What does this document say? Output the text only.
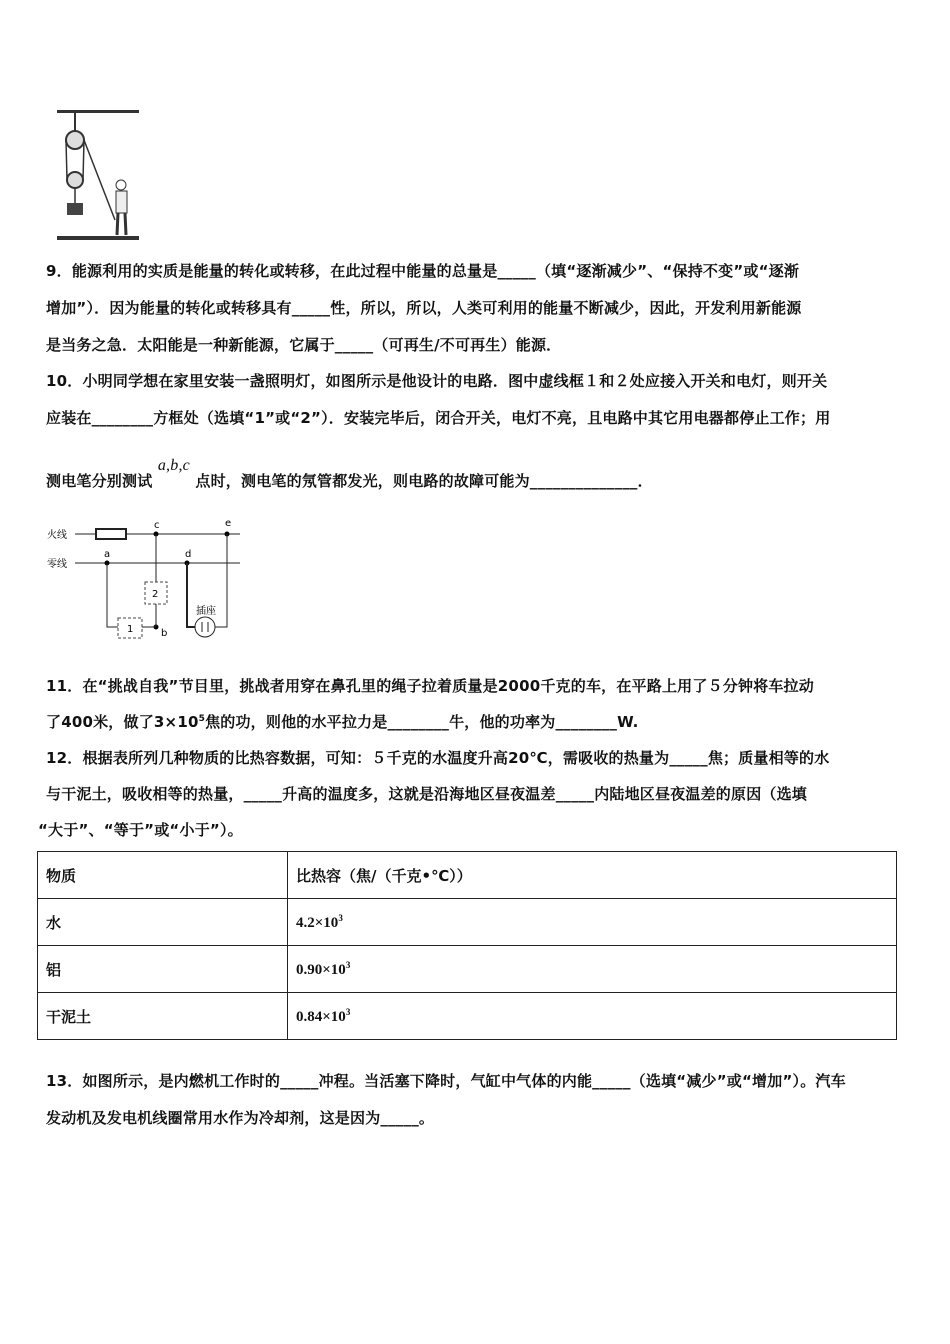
9．能源利用的实质是能量的转化或转移，在此过程中能量的总量是_____（填“逐渐减少”、“保持不变”或“逐渐
增加”）．因为能量的转化或转移具有_____性，所以，所以，人类可利用的能量不断减少，因此，开发利用新能源
是当务之急．太阳能是一种新能源，它属于_____（可再生/不可再生）能源．
10．小明同学想在家里安装一盏照明灯，如图所示是他设计的电路．图中虚线框１和２处应接入开关和电灯，则开关
应装在________方框处（选填“1”或“2”）．安装完毕后，闭合开关，电灯不亮，且电路中其它用电器都停止工作；用
测电笔分别测试 a,b,c 点时，测电笔的氖管都发光，则电路的故障可能为______________．
火线
零线
a
c
d
e
b
2
1
插座
11．在“挑战自我”节目里，挑战者用穿在鼻孔里的绳子拉着质量是2000千克的车，在平路上用了５分钟将车拉动
了400米，做了$3\times 10^5$焦的功，则他的水平拉力是________牛，他的功率为________W.
12．根据表所列几种物质的比热容数据，可知：５千克的水温度升高20℃，需吸收的热量为_____焦；质量相等的水
与干泥土，吸收相等的热量，_____升高的温度多，这就是沿海地区昼夜温差_____内陆地区昼夜温差的原因（选填
“大于”、“等于”或“小于”）。
物质	比热容（焦/（千克•℃））
水	$4.2\times 10^3$
铝	$0.90\times 10^3$
干泥土	$0.84\times 10^3$
13．如图所示，是内燃机工作时的_____冲程。当活塞下降时，气缸中气体的内能_____（选填“减少”或“增加”）。汽车
发动机及发电机线圈常用水作为冷却剂，这是因为_____。
